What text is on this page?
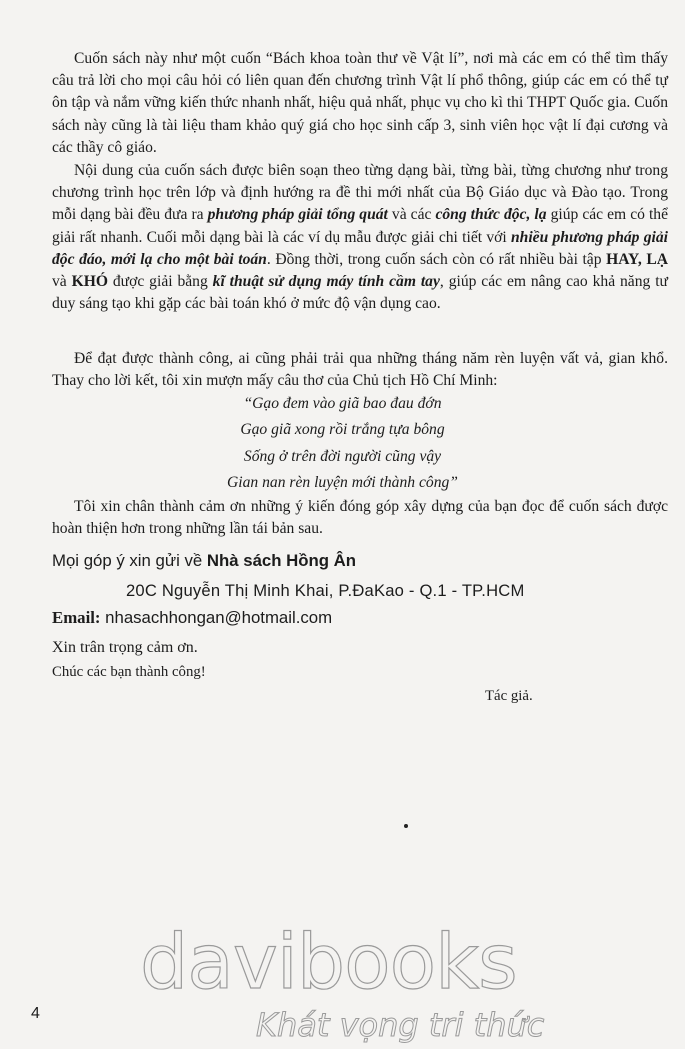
Cuốn sách này như một cuốn “Bách khoa toàn thư về Vật lí”, nơi mà các em có thể tìm thấy câu trả lời cho mọi câu hỏi có liên quan đến chương trình Vật lí phổ thông, giúp các em có thể tự ôn tập và nắm vững kiến thức nhanh nhất, hiệu quả nhất, phục vụ cho kì thi THPT Quốc gia. Cuốn sách này cũng là tài liệu tham khảo quý giá cho học sinh cấp 3, sinh viên học vật lí đại cương và các thầy cô giáo.

Nội dung của cuốn sách được biên soạn theo từng dạng bài, từng bài, từng chương như trong chương trình học trên lớp và định hướng ra đề thi mới nhất của Bộ Giáo dục và Đào tạo. Trong mỗi dạng bài đều đưa ra phương pháp giải tổng quát và các công thức độc, lạ giúp các em có thể giải rất nhanh. Cuối mỗi dạng bài là các ví dụ mẫu được giải chi tiết với nhiều phương pháp giải độc đáo, mới lạ cho một bài toán. Đồng thời, trong cuốn sách còn có rất nhiều bài tập HAY, LẠ và KHÓ được giải bằng kĩ thuật sử dụng máy tính cầm tay, giúp các em nâng cao khả năng tư duy sáng tạo khi gặp các bài toán khó ở mức độ vận dụng cao.

Để đạt được thành công, ai cũng phải trải qua những tháng năm rèn luyện vất vả, gian khổ. Thay cho lời kết, tôi xin mượn mấy câu thơ của Chủ tịch Hồ Chí Minh:

“Gạo đem vào giã bao đau đớn
Gạo giã xong rồi trắng tựa bông
Sống ở trên đời người cũng vậy
Gian nan rèn luyện mới thành công”

Tôi xin chân thành cảm ơn những ý kiến đóng góp xây dựng của bạn đọc để cuốn sách được hoàn thiện hơn trong những lần tái bản sau.

Mọi góp ý xin gửi về Nhà sách Hồng Ân
20C Nguyễn Thị Minh Khai, P.ĐaKao - Q.1 - TP.HCM
Email: nhasachhongan@hotmail.com
Xin trân trọng cảm ơn.
Chúc các bạn thành công!
Tác giả.
davibooks
Khát vọng tri thức
4
